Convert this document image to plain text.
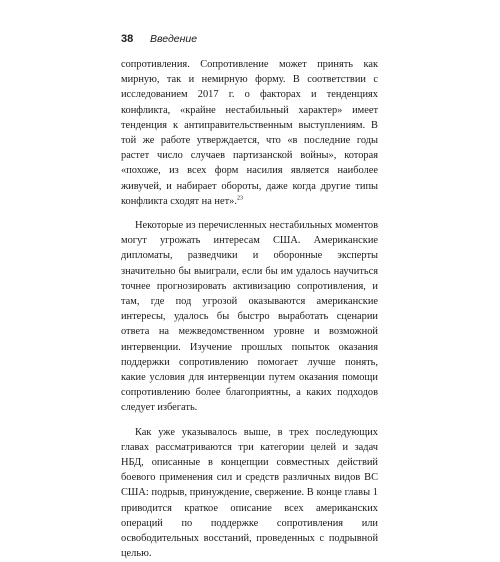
38 Введение

сопротивления. Сопротивление может принять как мирную, так и немирную форму. В соответствии с исследованием 2017 г. о факторах и тенденциях конфликта, «крайне нестабильный характер» имеет тенденция к антиправительственным выступлениям. В той же работе утверждается, что «в последние годы растет число случаев партизанской войны», которая «похоже, из всех форм насилия является наиболее живучей, и набирает обороты, даже когда другие типы конфликта сходят на нет».$^{23}$

Некоторые из перечисленных нестабильных моментов могут угрожать интересам США. Американские дипломаты, разведчики и оборонные эксперты значительно бы выиграли, если бы им удалось научиться точнее прогнозировать активизацию сопротивления, и там, где под угрозой оказываются американские интересы, удалось бы быстро выработать сценарии ответа на межведомственном уровне и возможной интервенции. Изучение прошлых попыток оказания поддержки сопротивлению помогает лучше понять, какие условия для интервенции путем оказания помощи сопротивлению более благоприятны, а каких подходов следует избегать.

Как уже указывалось выше, в трех последующих главах рассматриваются три категории целей и задач НБД, описанные в концепции совместных действий боевого применения сил и средств различных видов ВС США: подрыв, принуждение, свержение. В конце главы 1 приводится краткое описание всех американских операций по поддержке сопротивления или освободительных восстаний, проведенных с подрывной целью.
